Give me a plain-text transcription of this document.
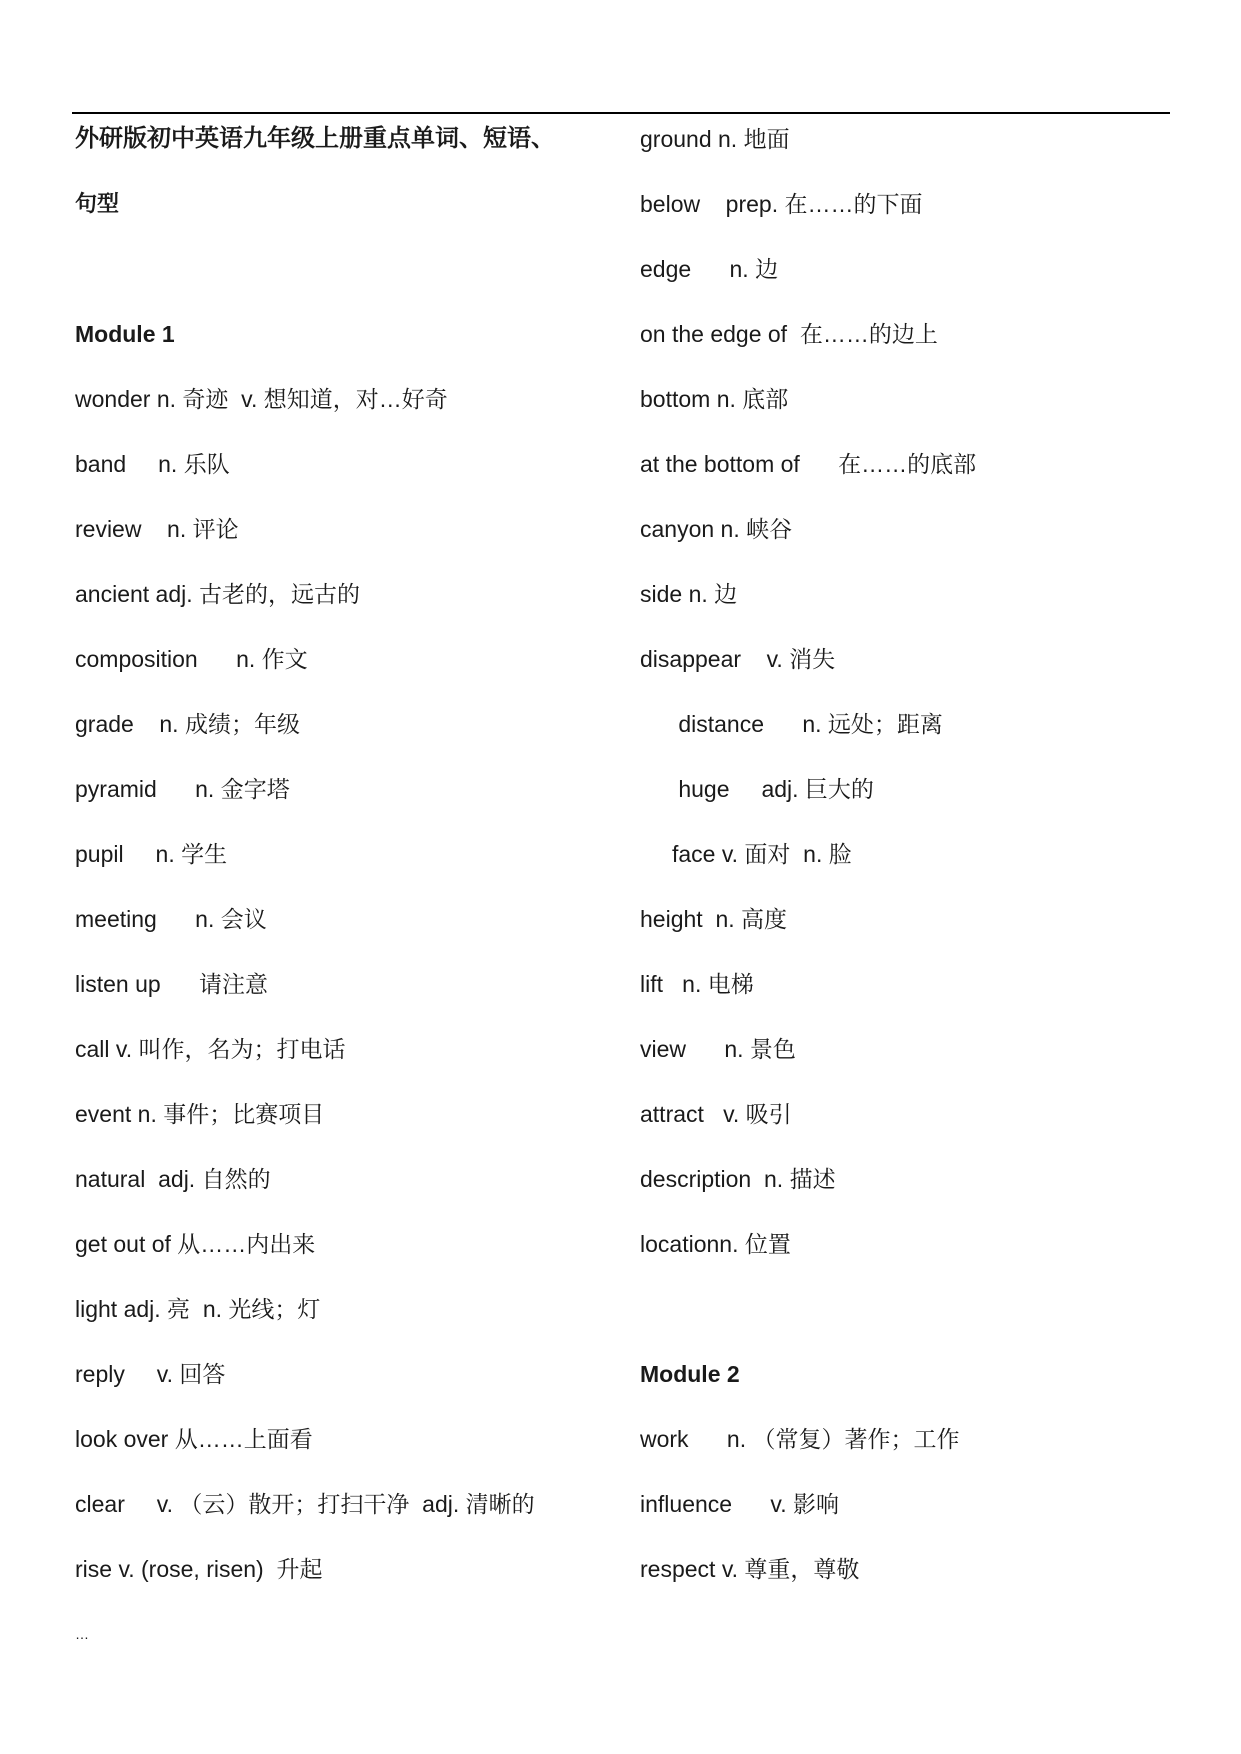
外研版初中英语九年级上册重点单词、短语、
句型
Module 1
wonder n. 奇迹  v. 想知道，对…好奇
band     n. 乐队
review    n. 评论
ancient adj. 古老的，远古的
composition      n. 作文
grade    n. 成绩；年级
pyramid      n. 金字塔
pupil     n. 学生
meeting      n. 会议
listen up      请注意
call v. 叫作，名为；打电话
event n. 事件；比赛项目
natural  adj. 自然的
get out of 从……内出来
light adj. 亮  n. 光线；灯
reply     v. 回答
look over 从……上面看
clear     v. （云）散开；打扫干净  adj. 清晰的
rise v. (rose, risen)  升起
ground n. 地面
below    prep. 在……的下面
edge      n. 边
on the edge of  在……的边上
bottom n. 底部
at the bottom of      在……的底部
canyon n. 峡谷
side n. 边
disappear    v. 消失
distance      n. 远处；距离
huge     adj. 巨大的
face v. 面对  n. 脸
height  n. 高度
lift   n. 电梯
view      n. 景色
attract   v. 吸引
description  n. 描述
locationn. 位置
Module 2
work      n. （常复）著作；工作
influence      v. 影响
respect v. 尊重，尊敬
…
